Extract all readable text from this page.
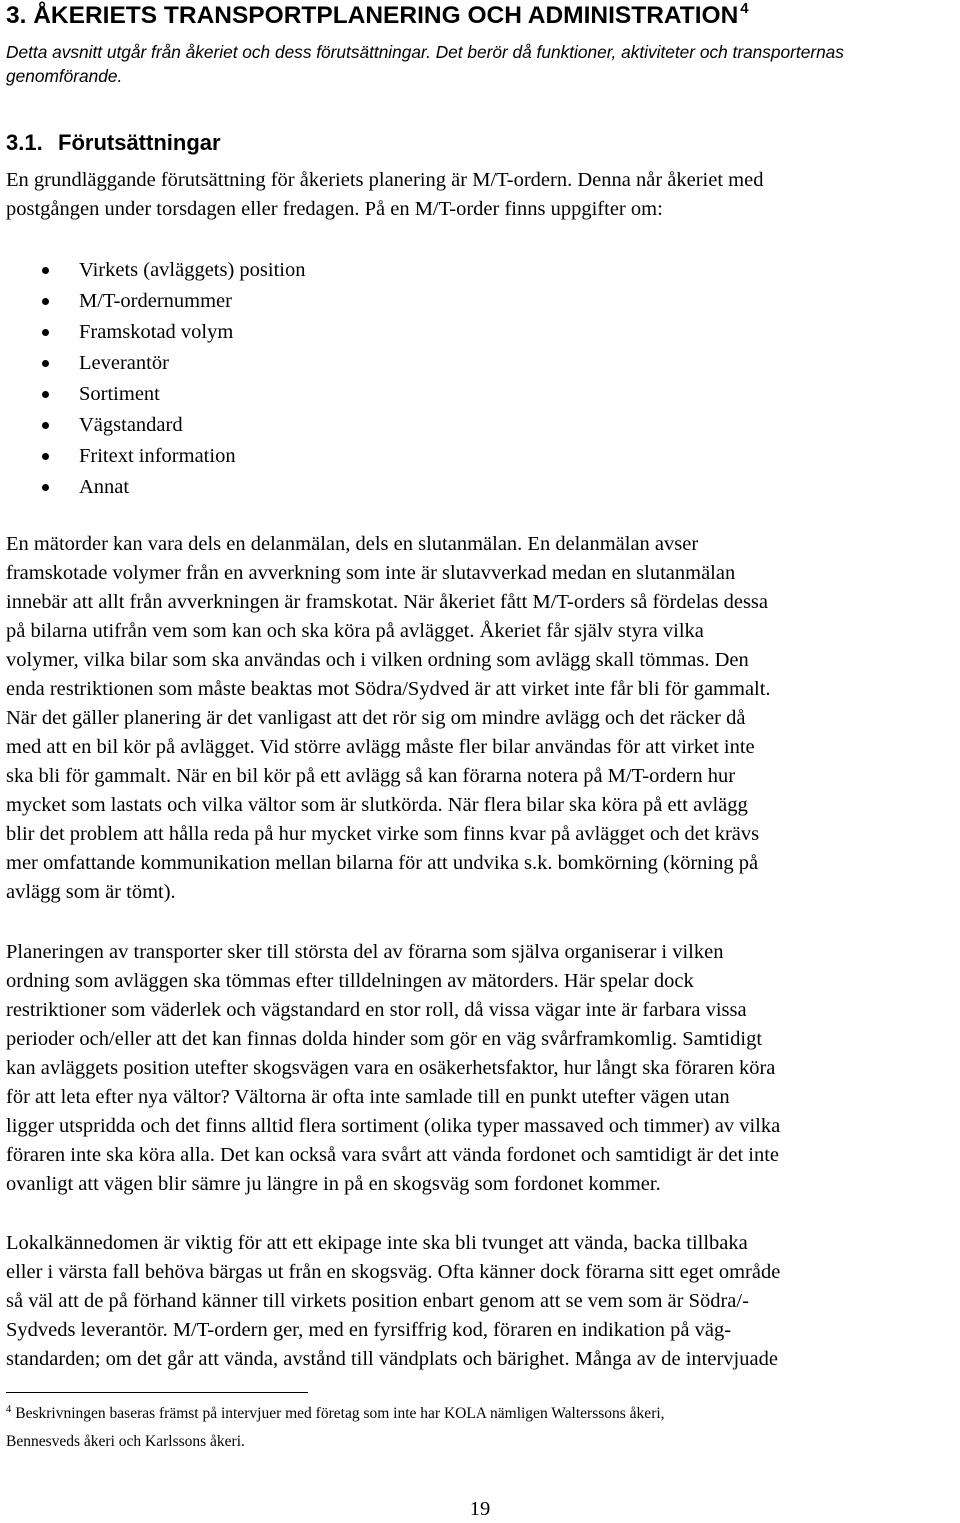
3. ÅKERIETS TRANSPORTPLANERING OCH ADMINISTRATION $^4$

Detta avsnitt utgår från åkeriet och dess förutsättningar. Det berör då funktioner, aktiviteter och transporternas
genomförande.

3.1. Förutsättningar

En grundläggande förutsättning för åkeriets planering är M/T-ordern. Denna når åkeriet med
postgången under torsdagen eller fredagen. På en M/T-order finns uppgifter om:

Virkets (avläggets) position
M/T-ordernummer
Framskotad volym
Leverantör
Sortiment
Vägstandard
Fritext information
Annat

En mätorder kan vara dels en delanmälan, dels en slutanmälan. En delanmälan avser
framskotade volymer från en avverkning som inte är slutavverkad medan en slutanmälan
innebär att allt från avverkningen är framskotat. När åkeriet fått M/T-orders så fördelas dessa
på bilarna utifrån vem som kan och ska köra på avlägget. Åkeriet får själv styra vilka
volymer, vilka bilar som ska användas och i vilken ordning som avlägg skall tömmas. Den
enda restriktionen som måste beaktas mot Södra/Sydved är att virket inte får bli för gammalt.
När det gäller planering är det vanligast att det rör sig om mindre avlägg och det räcker då
med att en bil kör på avlägget. Vid större avlägg måste fler bilar användas för att virket inte
ska bli för gammalt. När en bil kör på ett avlägg så kan förarna notera på M/T-ordern hur
mycket som lastats och vilka vältor som är slutkörda. När flera bilar ska köra på ett avlägg
blir det problem att hålla reda på hur mycket virke som finns kvar på avlägget och det krävs
mer omfattande kommunikation mellan bilarna för att undvika s.k. bomkörning (körning på
avlägg som är tömt).

Planeringen av transporter sker till största del av förarna som själva organiserar i vilken
ordning som avläggen ska tömmas efter tilldelningen av mätorders. Här spelar dock
restriktioner som väderlek och vägstandard en stor roll, då vissa vägar inte är farbara vissa
perioder och/eller att det kan finnas dolda hinder som gör en väg svårframkomlig. Samtidigt
kan avläggets position utefter skogsvägen vara en osäkerhetsfaktor, hur långt ska föraren köra
för att leta efter nya vältor? Vältorna är ofta inte samlade till en punkt utefter vägen utan
ligger utspridda och det finns alltid flera sortiment (olika typer massaved och timmer) av vilka
föraren inte ska köra alla. Det kan också vara svårt att vända fordonet och samtidigt är det inte
ovanligt att vägen blir sämre ju längre in på en skogsväg som fordonet kommer.

Lokalkännedomen är viktig för att ett ekipage inte ska bli tvunget att vända, backa tillbaka
eller i värsta fall behöva bärgas ut från en skogsväg. Ofta känner dock förarna sitt eget område
så väl att de på förhand känner till virkets position enbart genom att se vem som är Södra/-
Sydveds leverantör. M/T-ordern ger, med en fyrsiffrig kod, föraren en indikation på väg-
standarden; om det går att vända, avstånd till vändplats och bärighet. Många av de intervjuade

$^4$ Beskrivningen baseras främst på intervjuer med företag som inte har KOLA nämligen Walterssons åkeri,
Bennesveds åkeri och Karlssons åkeri.

19
